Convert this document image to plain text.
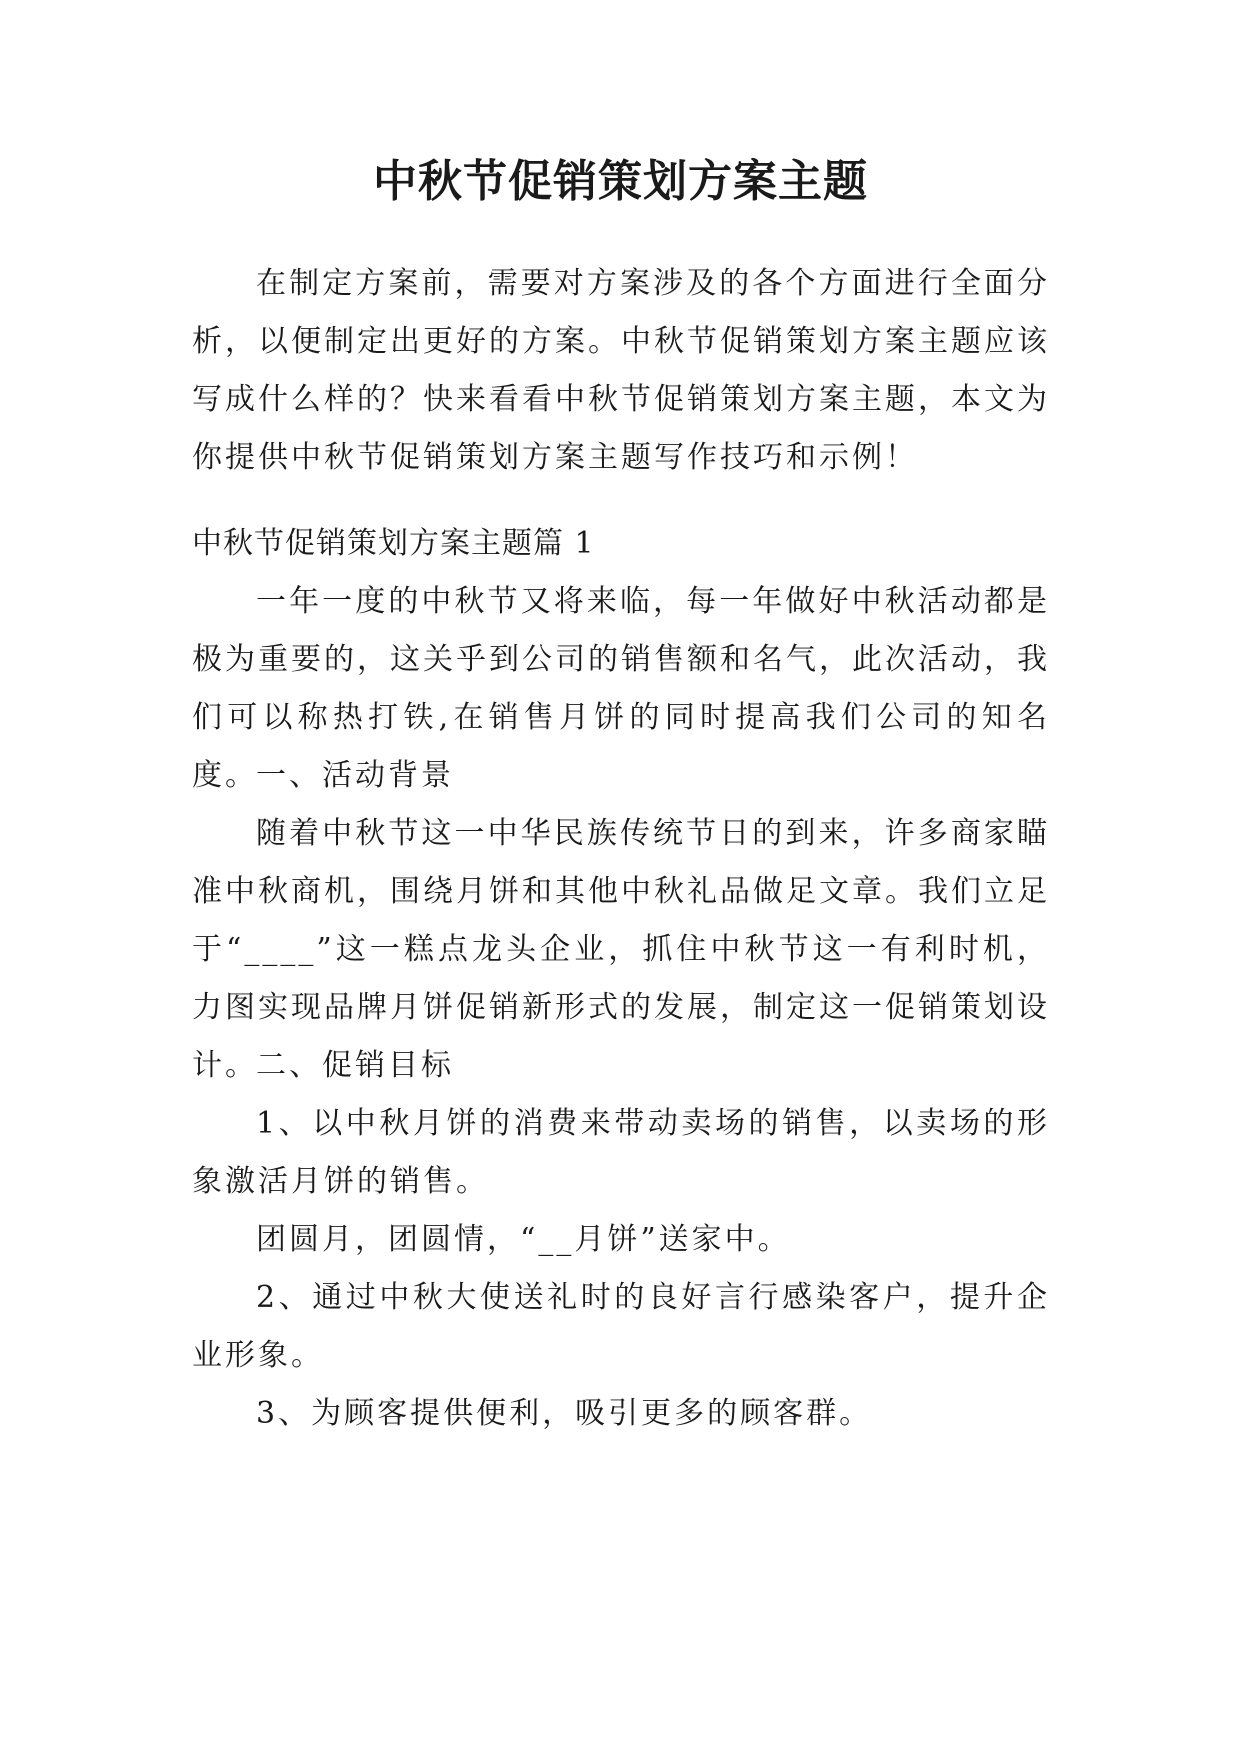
中秋节促销策划方案主题

在制定方案前，需要对方案涉及的各个方面进行全面分析，以便制定出更好的方案。中秋节促销策划方案主题应该写成什么样的？快来看看中秋节促销策划方案主题，本文为你提供中秋节促销策划方案主题写作技巧和示例！

中秋节促销策划方案主题篇 1

一年一度的中秋节又将来临，每一年做好中秋活动都是极为重要的，这关乎到公司的销售额和名气，此次活动，我们可以称热打铁,在销售月饼的同时提高我们公司的知名度。

一、活动背景

随着中秋节这一中华民族传统节日的到来，许多商家瞄准中秋商机，围绕月饼和其他中秋礼品做足文章。我们立足于“____”这一糕点龙头企业，抓住中秋节这一有利时机，力图实现品牌月饼促销新形式的发展，制定这一促销策划设计。

二、促销目标

1、以中秋月饼的消费来带动卖场的销售，以卖场的形象激活月饼的销售。

团圆月，团圆情，“__月饼”送家中。

2、通过中秋大使送礼时的良好言行感染客户，提升企业形象。

3、为顾客提供便利，吸引更多的顾客群。
